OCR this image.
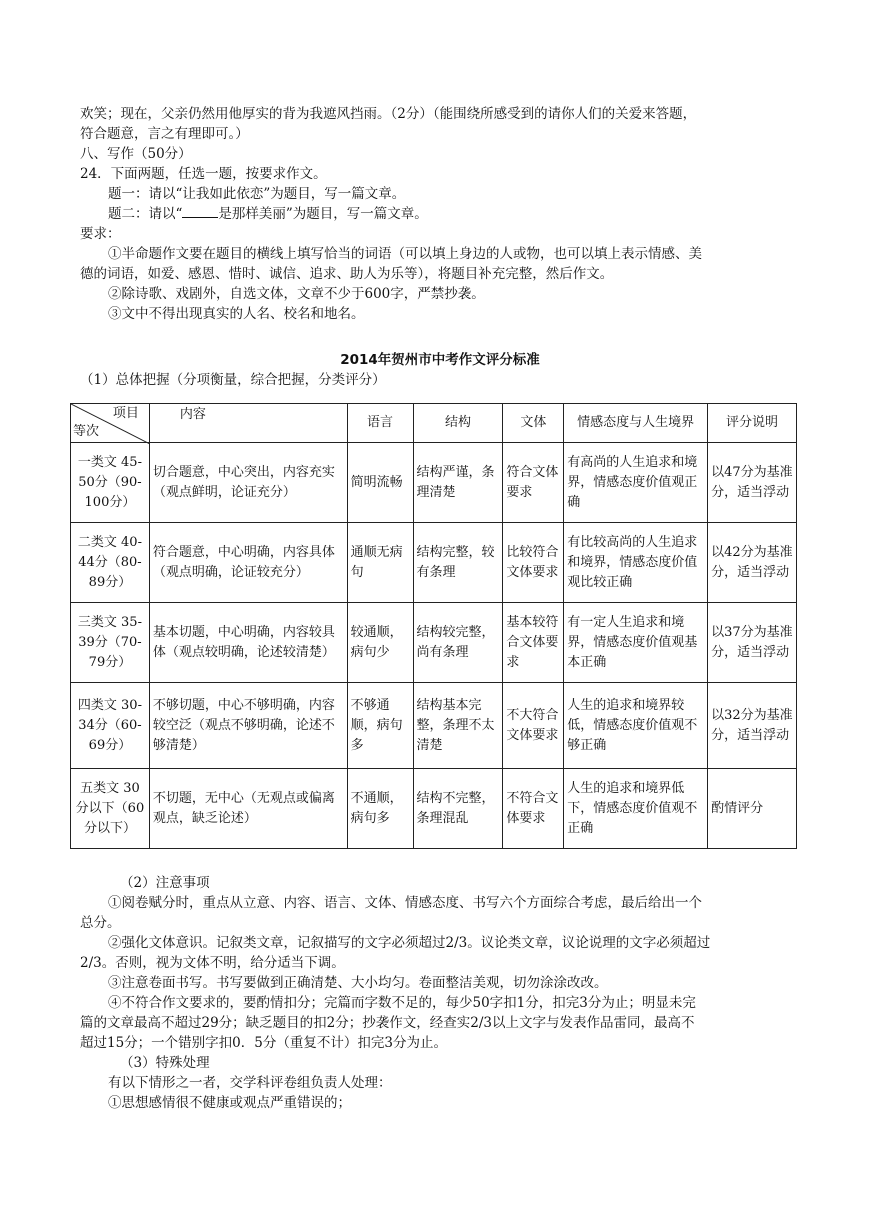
欢笑；现在，父亲仍然用他厚实的背为我遮风挡雨。（2分）（能围绕所感受到的请你人们的关爱来答题，

符合题意，言之有理即可。）

八、写作（50分）

24．下面两题，任选一题，按要求作文。

题一：请以“让我如此依恋”为题目，写一篇文章。

题二：请以“	是那样美丽”为题目，写一篇文章。

要求：

①半命题作文要在题目的横线上填写恰当的词语（可以填上身边的人或物，也可以填上表示情感、美

德的词语，如爱、感恩、惜时、诚信、追求、助人为乐等），将题目补充完整，然后作文。

②除诗歌、戏剧外，自选文体，文章不少于600字，严禁抄袭。

③文中不得出现真实的人名、校名和地名。

2014年贺州市中考作文评分标准

（1）总体把握（分项衡量，综合把握，分类评分）

项目
等次	内容	语言	结构	文体	情感态度与人生境界	评分说明
一类文 45-50分（90-100分）	切合题意，中心突出，内容充实（观点鲜明，论证充分）	简明流畅	结构严谨，条理清楚	符合文体要求	有高尚的人生追求和境界，情感态度价值观正确	以47分为基准分，适当浮动
二类文 40-44分（80-89分）	符合题意，中心明确，内容具体（观点明确，论证较充分）	通顺无病句	结构完整，较有条理	比较符合文体要求	有比较高尚的人生追求和境界，情感态度价值观比较正确	以42分为基准分，适当浮动
三类文 35-39分（70-79分）	基本切题，中心明确，内容较具体（观点较明确，论述较清楚）	较通顺，病句少	结构较完整，尚有条理	基本较符合文体要求	有一定人生追求和境界，情感态度价值观基本正确	以37分为基准分，适当浮动
四类文 30-34分（60-69分）	不够切题，中心不够明确，内容较空泛（观点不够明确，论述不够清楚）	不够通顺，病句多	结构基本完整，条理不太清楚	不大符合文体要求	人生的追求和境界较低，情感态度价值观不够正确	以32分为基准分，适当浮动
五类文 30分以下（60分以下）	不切题，无中心（无观点或偏离观点，缺乏论述）	不通顺，病句多	结构不完整，条理混乱	不符合文体要求	人生的追求和境界低下，情感态度价值观不正确	酌情评分

（2）注意事项

①阅卷赋分时，重点从立意、内容、语言、文体、情感态度、书写六个方面综合考虑，最后给出一个

总分。

②强化文体意识。记叙类文章，记叙描写的文字必须超过2/3。议论类文章，议论说理的文字必须超过

2/3。否则，视为文体不明，给分适当下调。

③注意卷面书写。书写要做到正确清楚、大小均匀。卷面整洁美观，切勿涂涂改改。

④不符合作文要求的，要酌情扣分；完篇而字数不足的，每少50字扣1分，扣完3分为止；明显未完

篇的文章最高不超过29分；缺乏题目的扣2分；抄袭作文，经查实2/3以上文字与发表作品雷同，最高不

超过15分；一个错别字扣0．5分（重复不计）扣完3分为止。

（3）特殊处理

有以下情形之一者，交学科评卷组负责人处理：

①思想感情很不健康或观点严重错误的；
